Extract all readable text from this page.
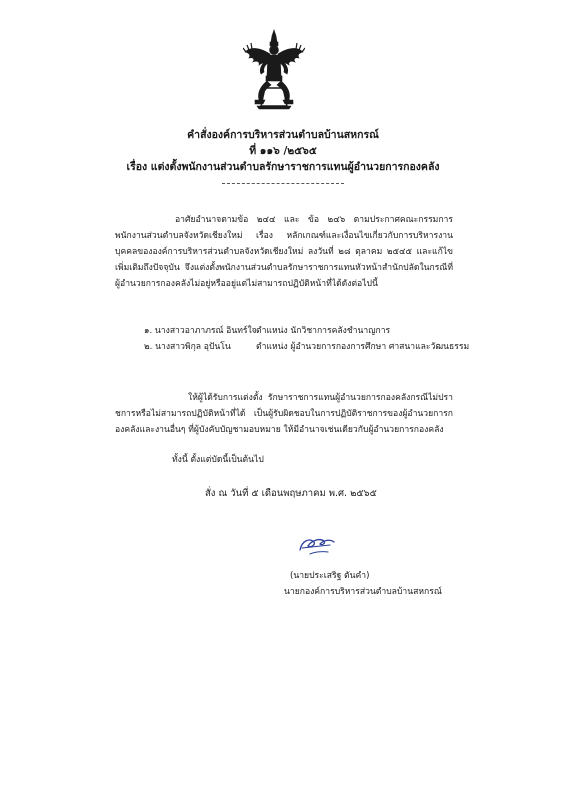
คำสั่งองค์การบริหารส่วนตำบลบ้านสหกรณ์
ที่ ๑๑๖ /๒๕๖๕
เรื่อง แต่งตั้งพนักงานส่วนตำบลรักษาราชการแทนผู้อำนวยการกองคลัง
อาศัยอำนาจตามข้อ ๒๔๔ และ ข้อ ๒๔๖ ตามประกาศคณะกรรมการพนักงานส่วนตำบลจังหวัดเชียงใหม่ เรื่อง หลักเกณฑ์และเงื่อนไขเกี่ยวกับการบริหารงานบุคคลขององค์การบริหารส่วนตำบลจังหวัดเชียงใหม่ ลงวันที่ ๒๘ ตุลาคม ๒๕๔๕ และแก้ไขเพิ่มเติมถึงปัจจุบัน จึงแต่งตั้งพนักงานส่วนตำบลรักษาราชการแทนหัวหน้าสำนักปลัดในกรณีที่ผู้อำนวยการกองคลังไม่อยู่หรืออยู่แต่ไม่สามารถปฏิบัติหน้าที่ได้ดังต่อไปนี้
๑. นางสาวอาภาภรณ์ อินทร์ใจ ตำแหน่ง นักวิชาการคลังชำนาญการ
๒. นางสาวพิกุล อุปันโน	ตำแหน่ง ผู้อำนวยการกองการศึกษา ศาสนาและวัฒนธรรม
ให้ผู้ได้รับการแต่งตั้ง รักษาราชการแทนผู้อำนวยการกองคลังกรณีไม่ปราชการหรือไม่สามารถปฏิบัติหน้าที่ได้ เป็นผู้รับผิดชอบในการปฏิบัติราชการของผู้อำนวยการกองคลังและงานอื่นๆ ที่ผู้บังคับบัญชามอบหมาย ให้มีอำนาจเช่นเดียวกับผู้อำนวยการกองคลัง
ทั้งนี้ ตั้งแต่บัดนี้เป็นต้นไป
สั่ง ณ วันที่ ๕ เดือนพฤษภาคม พ.ศ. ๒๕๖๕
(นายประเสริฐ ตันคำ)
นายกองค์การบริหารส่วนตำบลบ้านสหกรณ์
